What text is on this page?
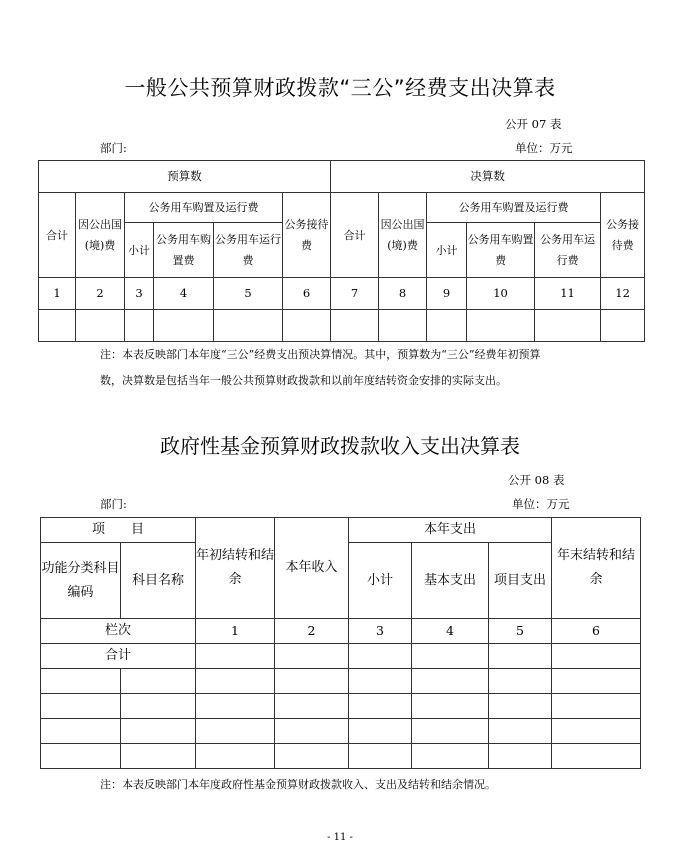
一般公共预算财政拨款“三公”经费支出决算表
公开 07 表
部门:	单位：万元
预算数						决算数					
合计	因公出国(境)费	公务用车购置及运行费			公务接待费	合计	因公出国(境)费	公务用车购置及运行费			公务接待费
		小计	公务用车购置费	公务用车运行费				小计	公务用车购置费	公务用车运行费	
1	2	3	4	5	6	7	8	9	10	11	12

注：本表反映部门本年度“三公”经费支出预决算情况。其中，预算数为“三公”经费年初预算
数，决算数是包括当年一般公共预算财政拨款和以前年度结转资金安排的实际支出。
政府性基金预算财政拨款收入支出决算表
公开 08 表
部门:	单位：万元
项　　目		年初结转和结余	本年收入	本年支出			年末结转和结余
功能分类科目编码	科目名称			小计	基本支出	项目支出	
栏次		1	2	3	4	5	6
合计							

注：本表反映部门本年度政府性基金预算财政拨款收入、支出及结转和结余情况。
- 11 -
